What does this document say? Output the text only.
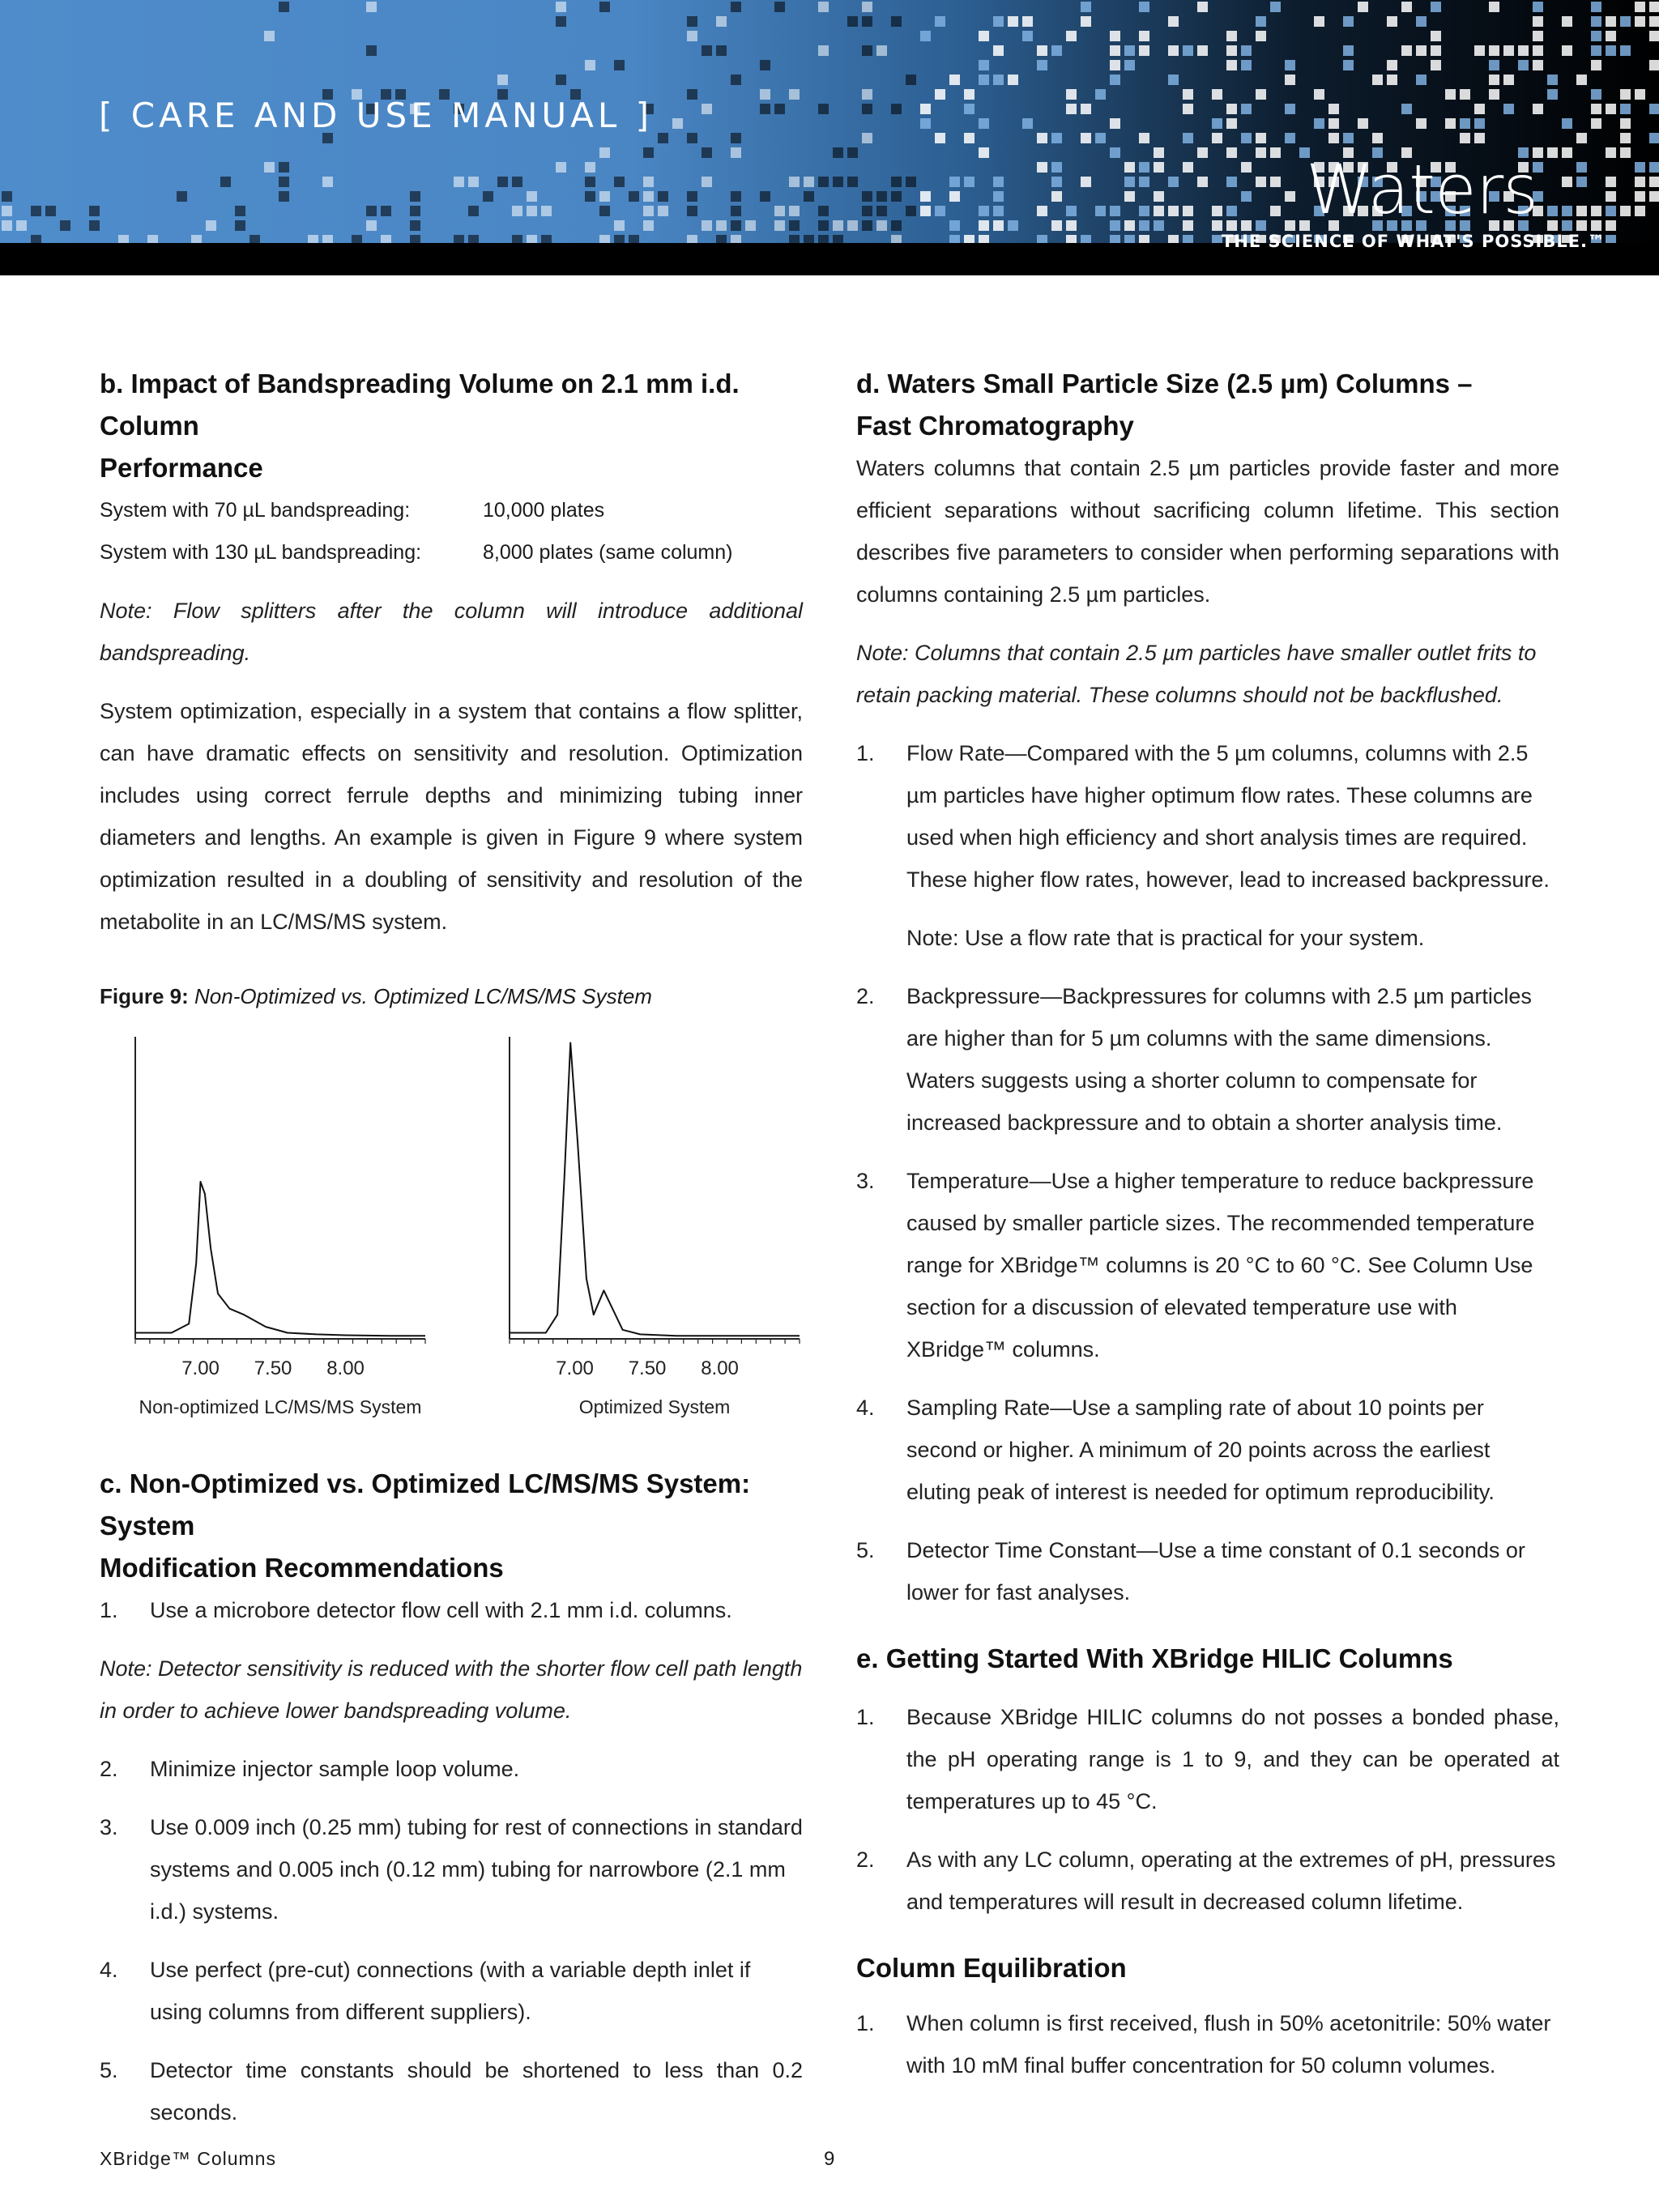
[ CARE AND USE MANUAL ]
Waters
THE SCIENCE OF WHAT'S POSSIBLE.™
b. Impact of Bandspreading Volume on 2.1 mm i.d. Column
Performance
System with 70 µL bandspreading:	10,000 plates
System with 130 µL bandspreading:	8,000 plates (same column)

Note: Flow splitters after the column will introduce additional bandspreading.

System optimization, especially in a system that contains a flow splitter, can have dramatic effects on sensitivity and resolution. Optimization includes using correct ferrule depths and minimizing tubing inner diameters and lengths. An example is given in Figure 9 where system optimization resulted in a doubling of sensitivity and resolution of the metabolite in an LC/MS/MS system.

Figure 9: Non-Optimized vs. Optimized LC/MS/MS System
7.00 7.50 8.00
Non-optimized LC/MS/MS System
7.00 7.50 8.00
Optimized System
c. Non-Optimized vs. Optimized LC/MS/MS System: System
Modification Recommendations
1.	Use a microbore detector flow cell with 2.1 mm i.d. columns.

Note: Detector sensitivity is reduced with the shorter flow cell path length in order to achieve lower bandspreading volume.

2.	Minimize injector sample loop volume.
3.	Use 0.009 inch (0.25 mm) tubing for rest of connections in standard systems and 0.005 inch (0.12 mm) tubing for narrowbore (2.1 mm i.d.) systems.
4.	Use perfect (pre-cut) connections (with a variable depth inlet if using columns from different suppliers).
5.	Detector time constants should be shortened to less than 0.2 seconds.
d. Waters Small Particle Size (2.5 µm) Columns –
Fast Chromatography

Waters columns that contain 2.5 µm particles provide faster and more efficient separations without sacrificing column lifetime. This section describes five parameters to consider when performing separations with columns containing 2.5 µm particles.

Note: Columns that contain 2.5 µm particles have smaller outlet frits to retain packing material. These columns should not be backflushed.

1.	Flow Rate—Compared with the 5 µm columns, columns with 2.5 µm particles have higher optimum flow rates. These columns are used when high efficiency and short analysis times are required. These higher flow rates, however, lead to increased backpressure.
Note: Use a flow rate that is practical for your system.
2.	Backpressure—Backpressures for columns with 2.5 µm particles are higher than for 5 µm columns with the same dimensions. Waters suggests using a shorter column to compensate for increased backpressure and to obtain a shorter analysis time.
3.	Temperature—Use a higher temperature to reduce backpressure caused by smaller particle sizes. The recommended temperature range for XBridge™ columns is 20 °C to 60 °C. See Column Use section for a discussion of elevated temperature use with XBridge™ columns.
4.	Sampling Rate—Use a sampling rate of about 10 points per second or higher. A minimum of 20 points across the earliest eluting peak of interest is needed for optimum reproducibility.
5.	Detector Time Constant—Use a time constant of 0.1 seconds or lower for fast analyses.
e. Getting Started With XBridge HILIC Columns
1.	Because XBridge HILIC columns do not posses a bonded phase, the pH operating range is 1 to 9, and they can be operated at temperatures up to 45 °C.
2.	As with any LC column, operating at the extremes of pH, pressures and temperatures will result in decreased column lifetime.
Column Equilibration
1.	When column is first received, flush in 50% acetonitrile: 50% water with 10 mM final buffer concentration for 50 column volumes.
XBridge™ Columns	9
